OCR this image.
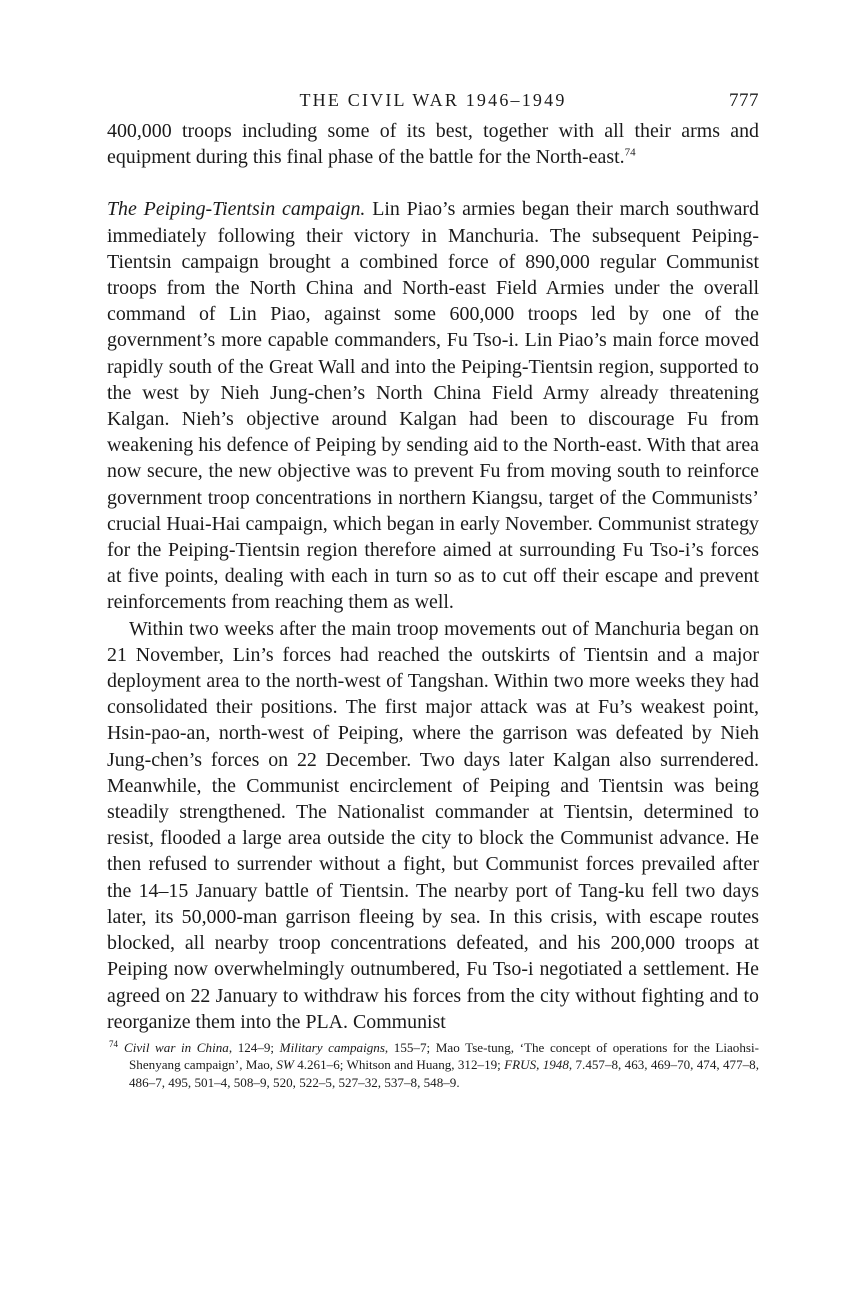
THE CIVIL WAR 1946–1949	777

400,000 troops including some of its best, together with all their arms and equipment during this final phase of the battle for the North-east.$^{74}$

The Peiping-Tientsin campaign. Lin Piao’s armies began their march southward immediately following their victory in Manchuria. The subsequent Peiping-Tientsin campaign brought a combined force of 890,000 regular Communist troops from the North China and North-east Field Armies under the overall command of Lin Piao, against some 600,000 troops led by one of the government’s more capable commanders, Fu Tso-i. Lin Piao’s main force moved rapidly south of the Great Wall and into the Peiping-Tientsin region, supported to the west by Nieh Jung-chen’s North China Field Army already threatening Kalgan. Nieh’s objective around Kalgan had been to discourage Fu from weakening his defence of Peiping by sending aid to the North-east. With that area now secure, the new objective was to prevent Fu from moving south to reinforce government troop concentrations in northern Kiangsu, target of the Communists’ crucial Huai-Hai campaign, which began in early November. Communist strategy for the Peiping-Tientsin region therefore aimed at surrounding Fu Tso-i’s forces at five points, dealing with each in turn so as to cut off their escape and prevent reinforcements from reaching them as well.

Within two weeks after the main troop movements out of Manchuria began on 21 November, Lin’s forces had reached the outskirts of Tientsin and a major deployment area to the north-west of Tangshan. Within two more weeks they had consolidated their positions. The first major attack was at Fu’s weakest point, Hsin-pao-an, north-west of Peiping, where the garrison was defeated by Nieh Jung-chen’s forces on 22 December. Two days later Kalgan also surrendered. Meanwhile, the Communist encirclement of Peiping and Tientsin was being steadily strengthened. The Nationalist commander at Tientsin, determined to resist, flooded a large area outside the city to block the Communist advance. He then refused to surrender without a fight, but Communist forces prevailed after the 14–15 January battle of Tientsin. The nearby port of Tang-ku fell two days later, its 50,000-man garrison fleeing by sea. In this crisis, with escape routes blocked, all nearby troop concentrations defeated, and his 200,000 troops at Peiping now overwhelmingly outnumbered, Fu Tso-i negotiated a settlement. He agreed on 22 January to withdraw his forces from the city without fighting and to reorganize them into the PLA. Communist

$^{74}$ Civil war in China, 124–9; Military campaigns, 155–7; Mao Tse-tung, ‘The concept of operations for the Liaohsi-Shenyang campaign’, Mao, SW 4.261–6; Whitson and Huang, 312–19; FRUS, 1948, 7.457–8, 463, 469–70, 474, 477–8, 486–7, 495, 501–4, 508–9, 520, 522–5, 527–32, 537–8, 548–9.
